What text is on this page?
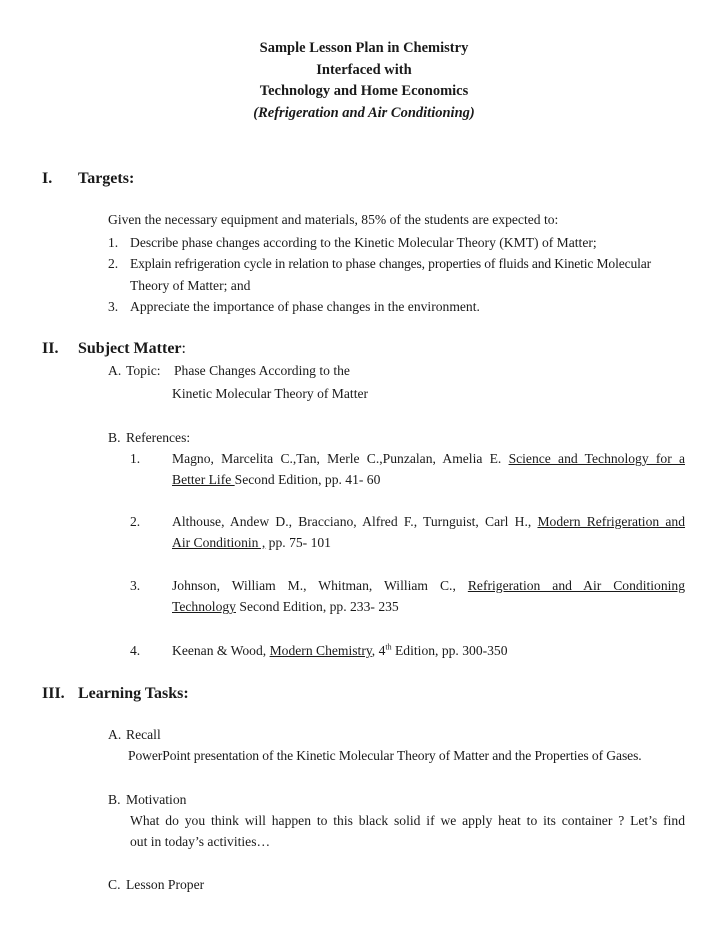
Sample Lesson Plan in Chemistry
Interfaced with
Technology and Home Economics
(Refrigeration and Air Conditioning)
I. Targets:
Given the necessary equipment and materials, 85% of the students are expected to:
1. Describe phase changes according to the Kinetic Molecular Theory (KMT) of Matter;
2. Explain refrigeration cycle in relation to phase changes, properties of fluids and Kinetic Molecular
Theory of Matter; and
3. Appreciate the importance of phase changes in the environment.
II. Subject Matter:
A. Topic: Phase Changes According to the
Kinetic Molecular Theory of Matter
B. References:
1. Magno, Marcelita C.,Tan, Merle C.,Punzalan, Amelia E. Science and Technology for a
Better Life Second Edition, pp. 41- 60
2. Althouse, Andew D., Bracciano, Alfred F., Turnguist, Carl H., Modern Refrigeration and
Air Conditionin , pp. 75- 101
3. Johnson, William M., Whitman, William C., Refrigeration and Air Conditioning
Technology Second Edition, pp. 233- 235
4. Keenan & Wood, Modern Chemistry, 4th Edition, pp. 300-350
III. Learning Tasks:
A. Recall
PowerPoint presentation of the Kinetic Molecular Theory of Matter and the Properties of Gases.
B. Motivation
What do you think will happen to this black solid if we apply heat to its container ? Let’s find
out in today’s activities…
C. Lesson Proper
